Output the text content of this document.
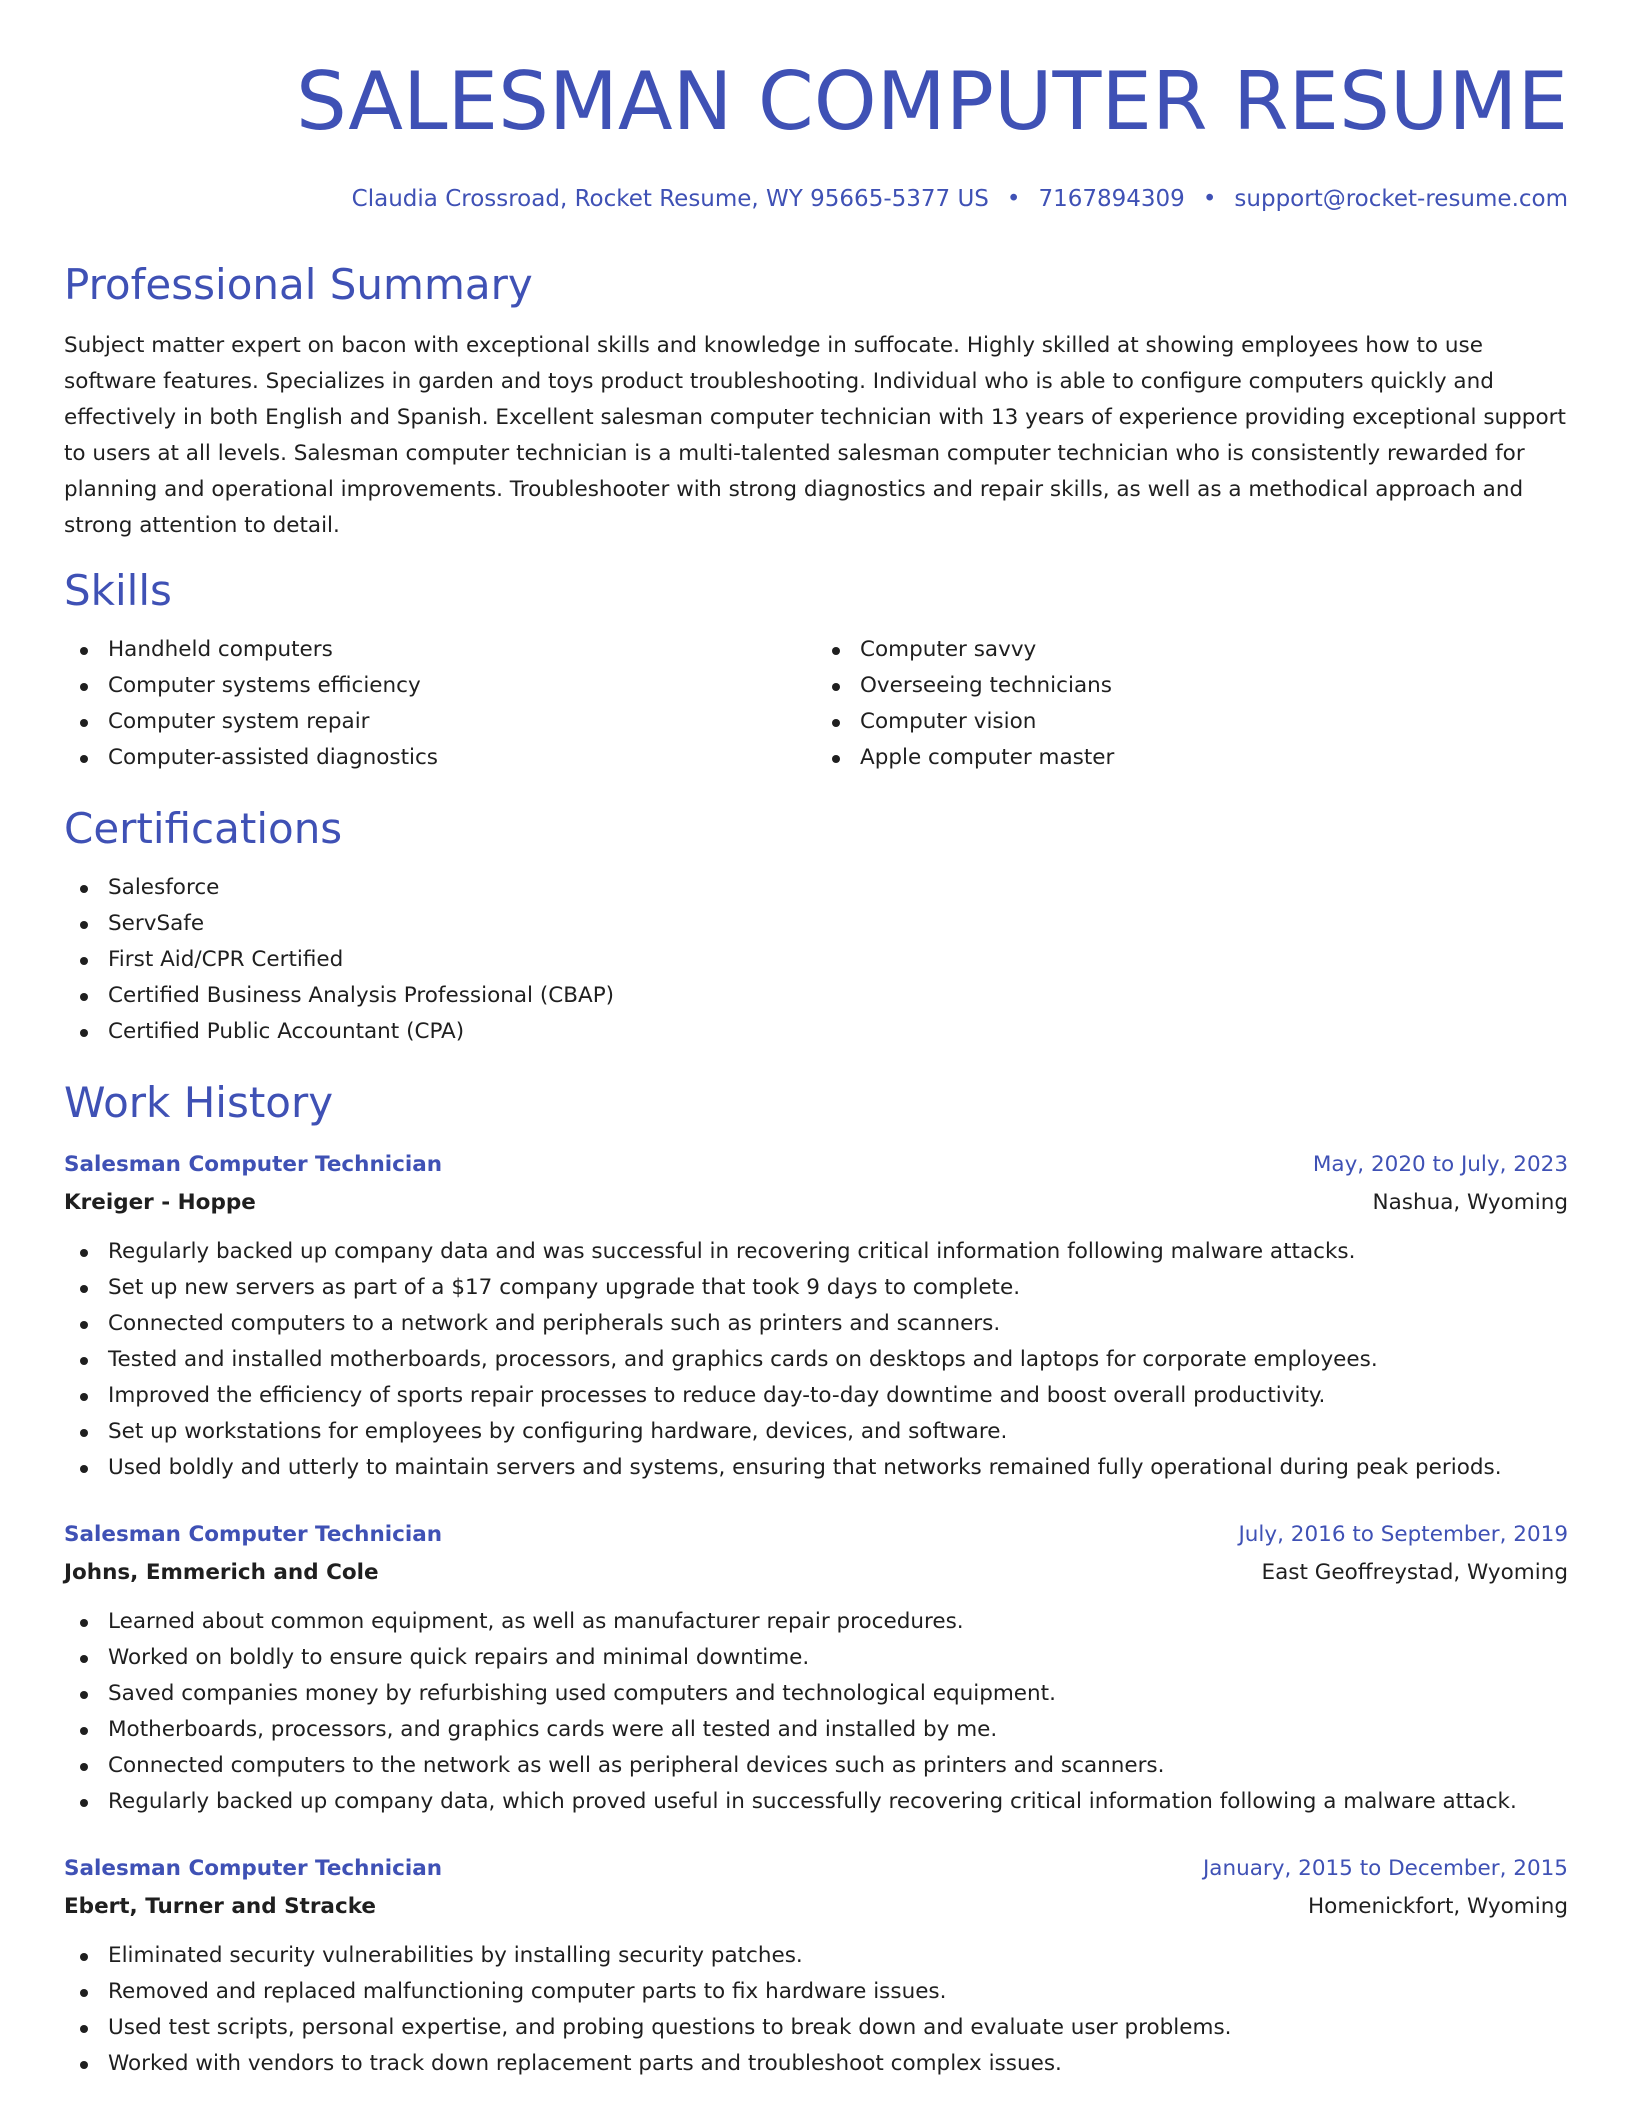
SALESMAN COMPUTER RESUME
Claudia Crossroad, Rocket Resume, WY 95665-5377 US • 7167894309 • support@rocket-resume.com
Professional Summary

Subject matter expert on bacon with exceptional skills and knowledge in suffocate. Highly skilled at showing employees how to use software features. Specializes in garden and toys product troubleshooting. Individual who is able to configure computers quickly and effectively in both English and Spanish. Excellent salesman computer technician with 13 years of experience providing exceptional support to users at all levels. Salesman computer technician is a multi-talented salesman computer technician who is consistently rewarded for planning and operational improvements. Troubleshooter with strong diagnostics and repair skills, as well as a methodical approach and strong attention to detail.

Skills
Handheld computers
Computer systems efficiency
Computer system repair
Computer-assisted diagnostics
Computer savvy
Overseeing technicians
Computer vision
Apple computer master
Certifications
Salesforce
ServSafe
First Aid/CPR Certified
Certified Business Analysis Professional (CBAP)
Certified Public Accountant (CPA)
Work History
Salesman Computer Technician	May, 2020 to July, 2023
Kreiger - Hoppe	Nashua, Wyoming
Regularly backed up company data and was successful in recovering critical information following malware attacks.
Set up new servers as part of a $17 company upgrade that took 9 days to complete.
Connected computers to a network and peripherals such as printers and scanners.
Tested and installed motherboards, processors, and graphics cards on desktops and laptops for corporate employees.
Improved the efficiency of sports repair processes to reduce day-to-day downtime and boost overall productivity.
Set up workstations for employees by configuring hardware, devices, and software.
Used boldly and utterly to maintain servers and systems, ensuring that networks remained fully operational during peak periods.
Salesman Computer Technician	July, 2016 to September, 2019
Johns, Emmerich and Cole	East Geoffreystad, Wyoming
Learned about common equipment, as well as manufacturer repair procedures.
Worked on boldly to ensure quick repairs and minimal downtime.
Saved companies money by refurbishing used computers and technological equipment.
Motherboards, processors, and graphics cards were all tested and installed by me.
Connected computers to the network as well as peripheral devices such as printers and scanners.
Regularly backed up company data, which proved useful in successfully recovering critical information following a malware attack.
Salesman Computer Technician	January, 2015 to December, 2015
Ebert, Turner and Stracke	Homenickfort, Wyoming
Eliminated security vulnerabilities by installing security patches.
Removed and replaced malfunctioning computer parts to fix hardware issues.
Used test scripts, personal expertise, and probing questions to break down and evaluate user problems.
Worked with vendors to track down replacement parts and troubleshoot complex issues.
